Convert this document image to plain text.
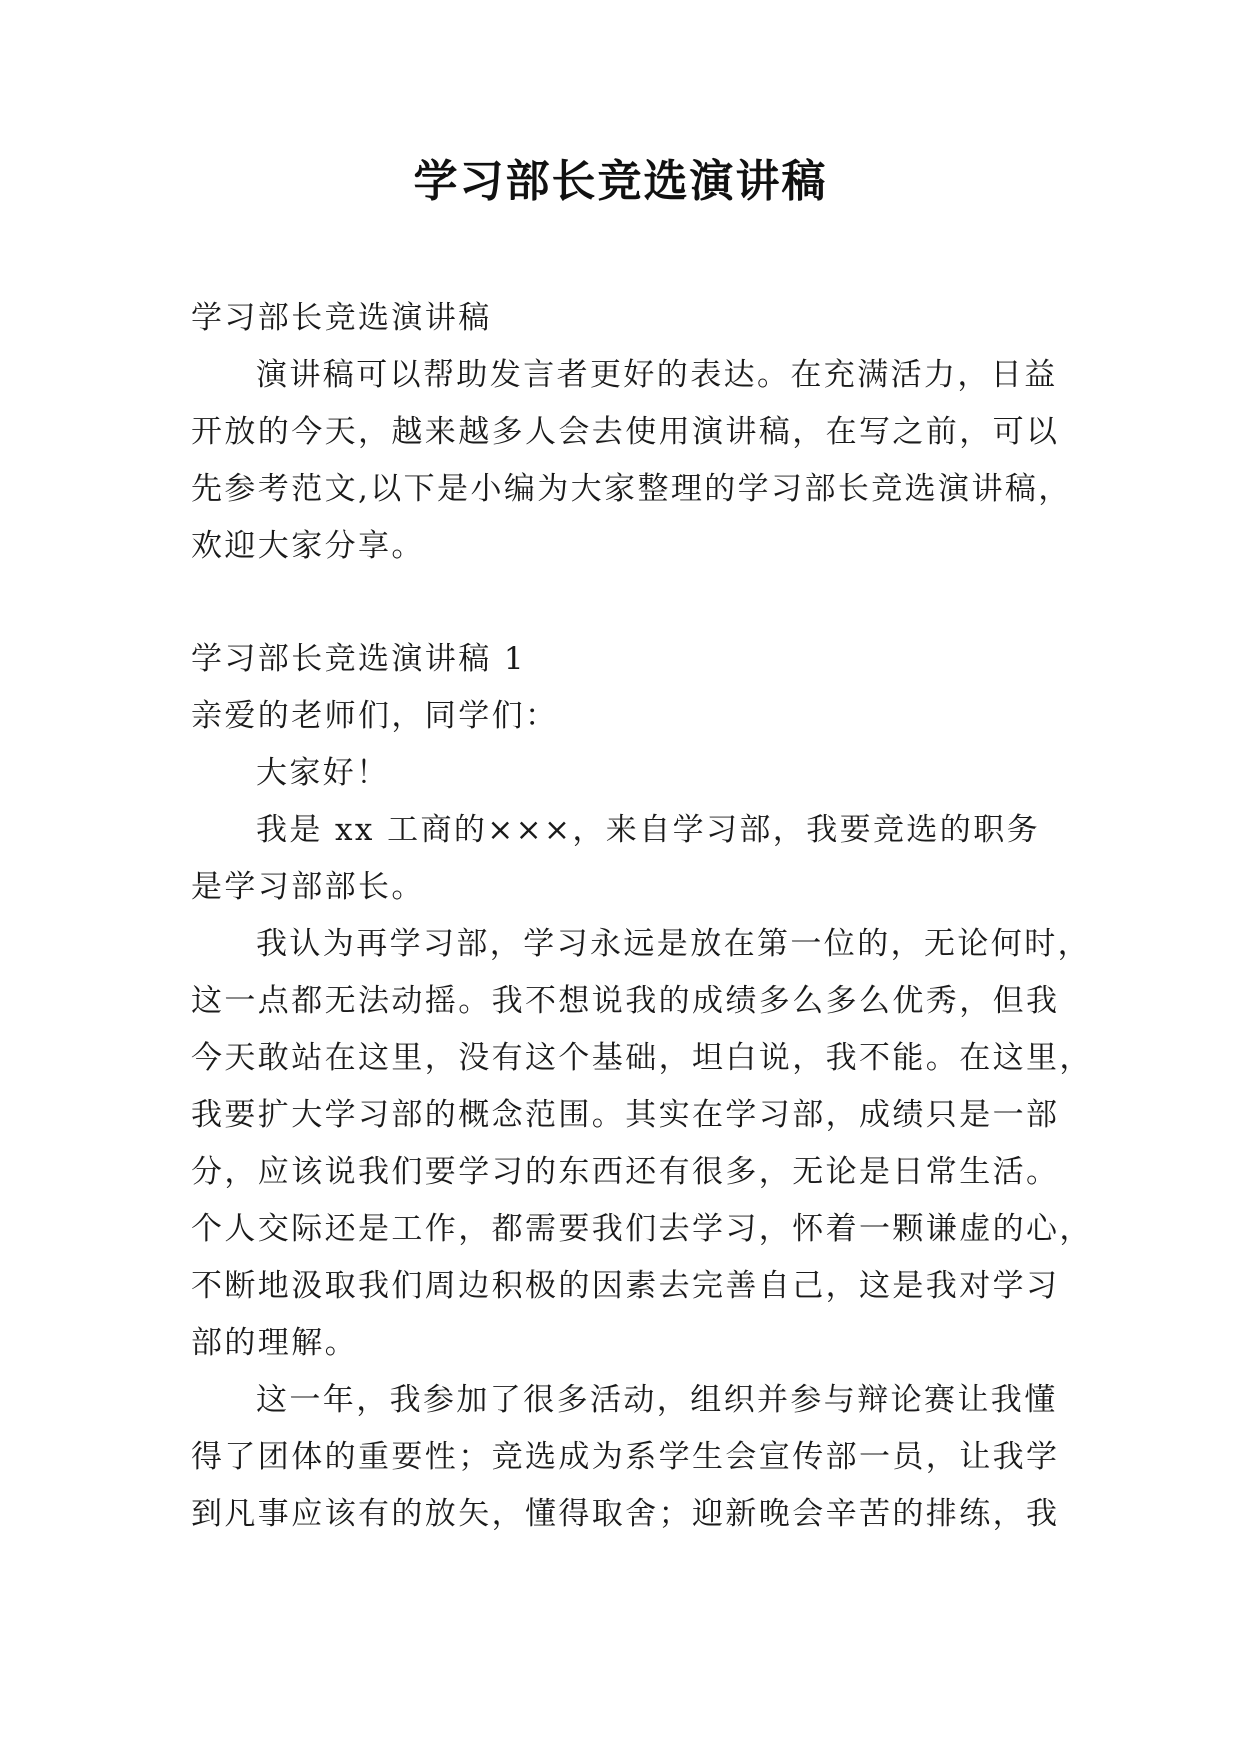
学习部长竞选演讲稿
学习部长竞选演讲稿
演讲稿可以帮助发言者更好的表达。在充满活力，日益
开放的今天，越来越多人会去使用演讲稿，在写之前，可以
先参考范文,以下是小编为大家整理的学习部长竞选演讲稿，
欢迎大家分享。
学习部长竞选演讲稿 1
亲爱的老师们，同学们：
大家好！
我是 xx 工商的×××，来自学习部，我要竞选的职务
是学习部部长。
我认为再学习部，学习永远是放在第一位的，无论何时，
这一点都无法动摇。我不想说我的成绩多么多么优秀，但我
今天敢站在这里，没有这个基础，坦白说，我不能。在这里，
我要扩大学习部的概念范围。其实在学习部，成绩只是一部
分，应该说我们要学习的东西还有很多，无论是日常生活。
个人交际还是工作，都需要我们去学习，怀着一颗谦虚的心，
不断地汲取我们周边积极的因素去完善自己，这是我对学习
部的理解。
这一年，我参加了很多活动，组织并参与辩论赛让我懂
得了团体的重要性；竞选成为系学生会宣传部一员，让我学
到凡事应该有的放矢，懂得取舍；迎新晚会辛苦的排练，我
